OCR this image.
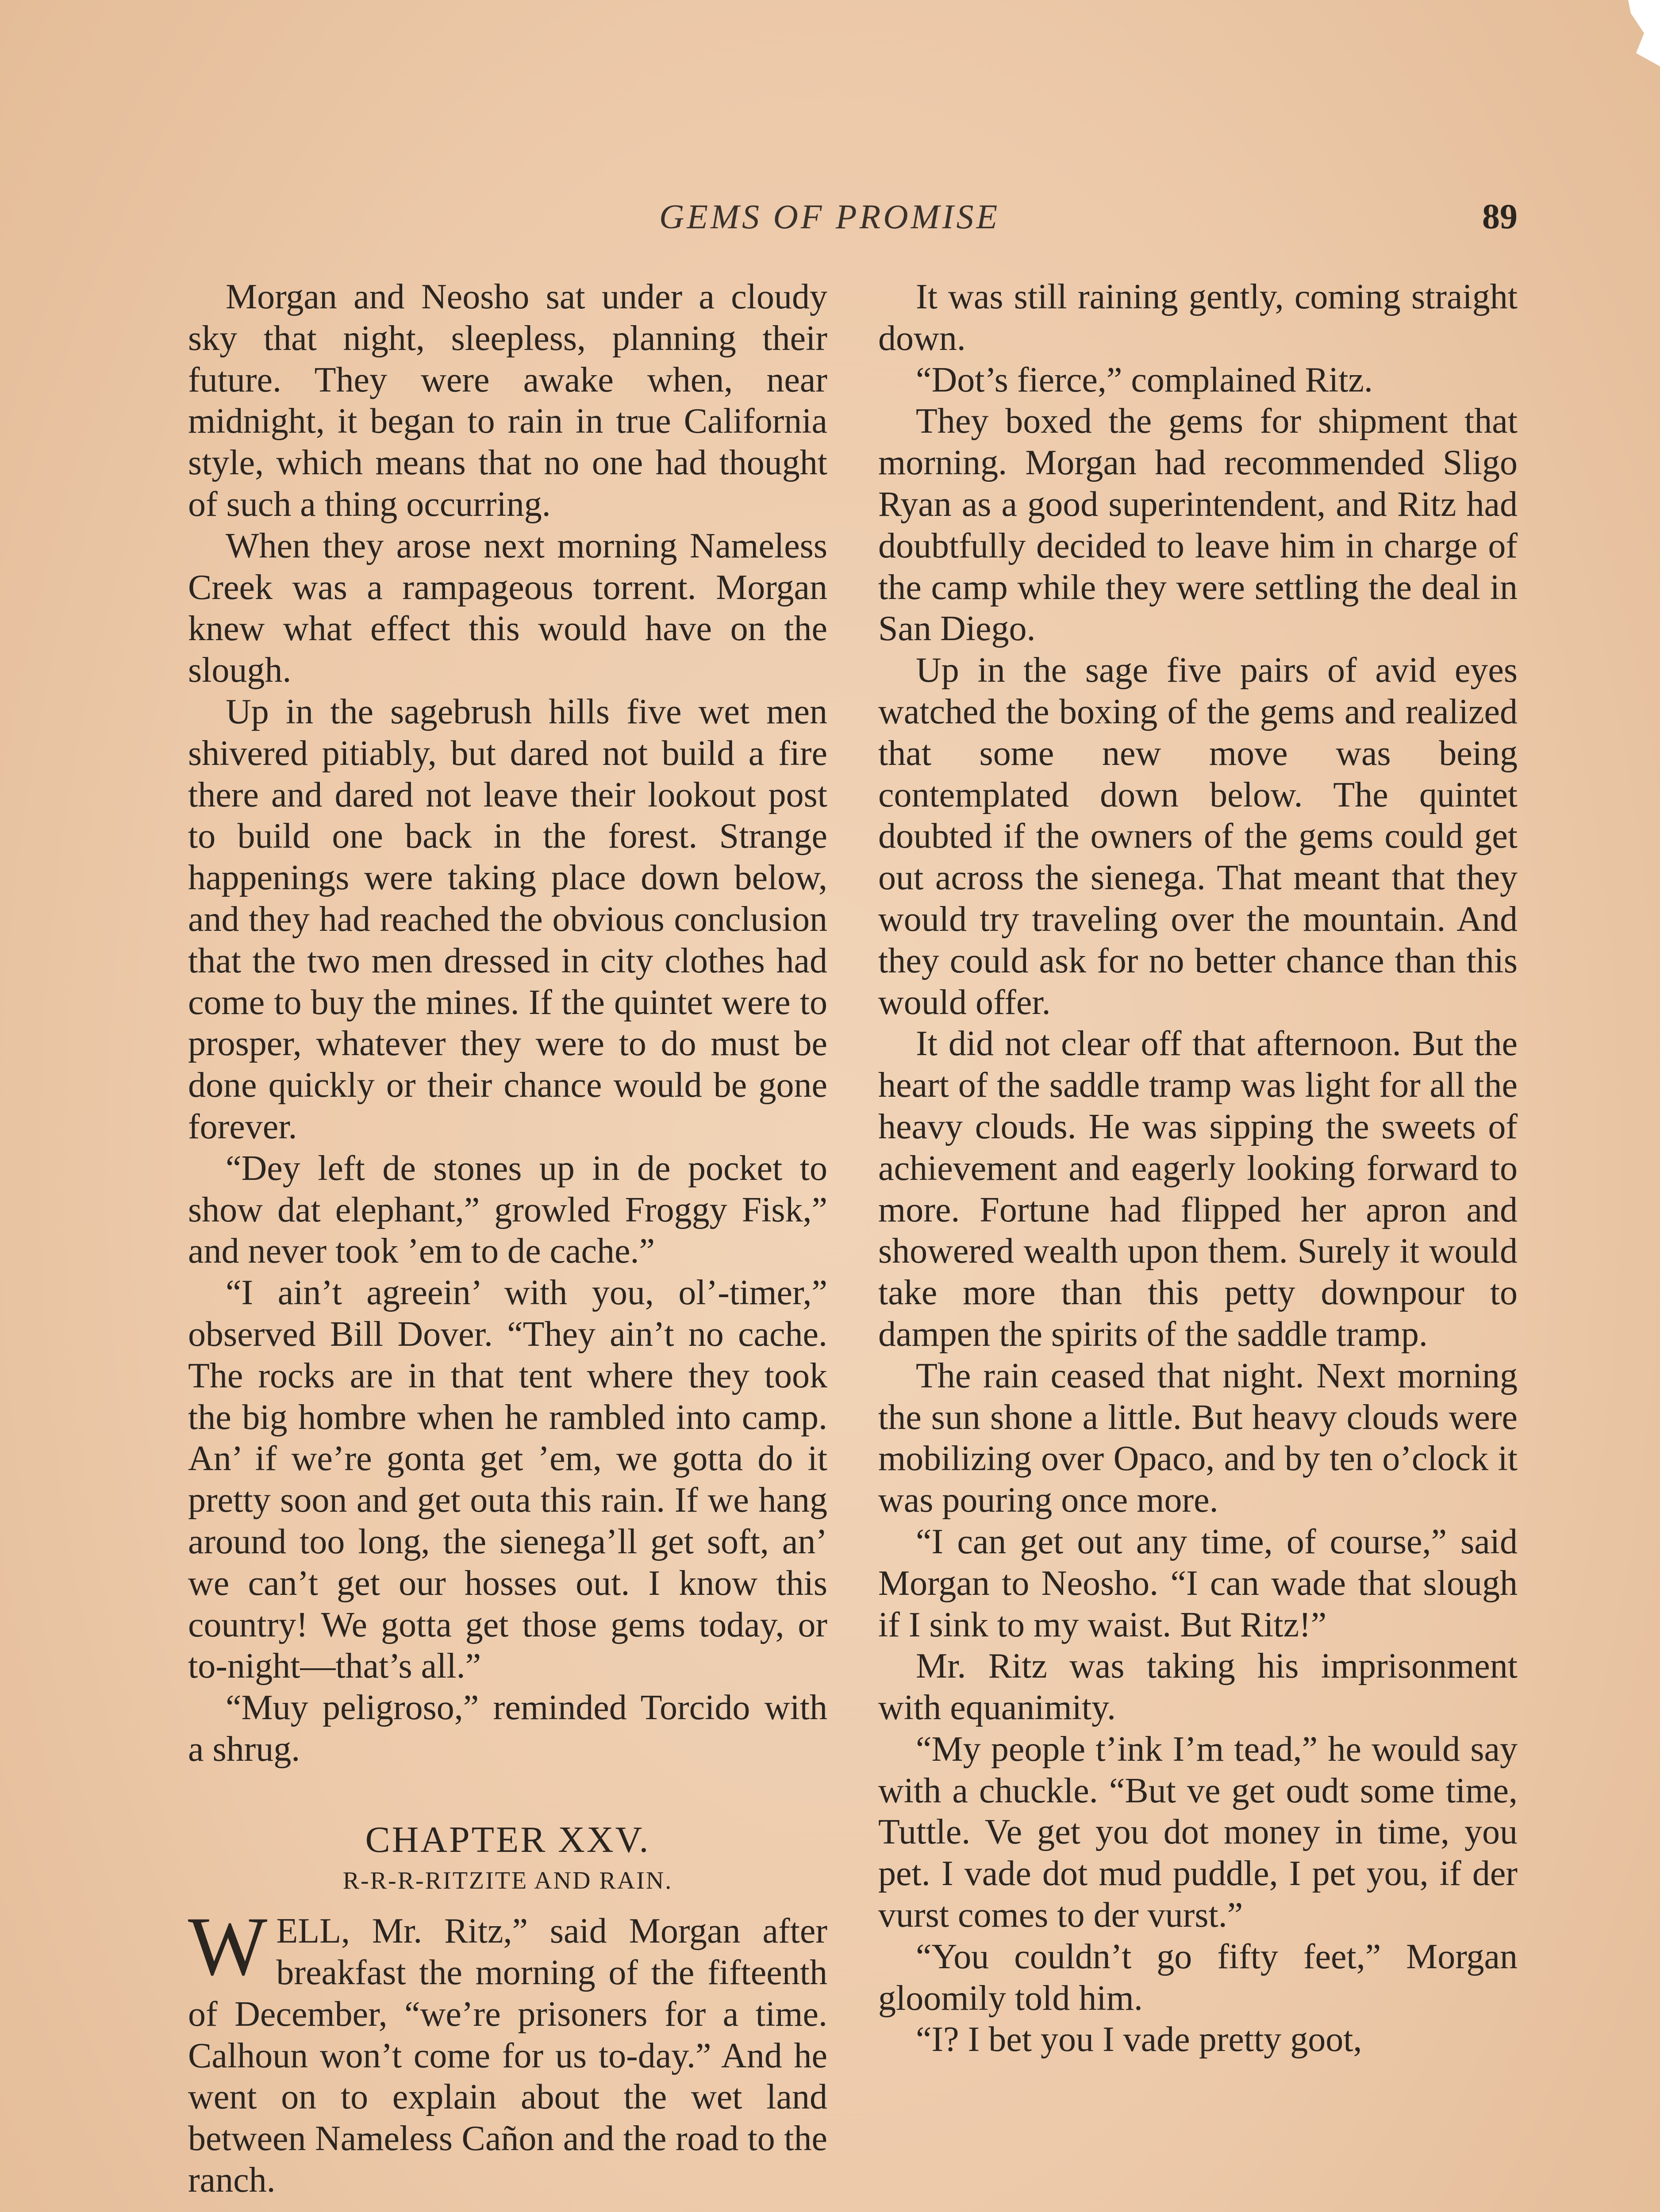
GEMS OF PROMISE	89

Morgan and Neosho sat under a cloudy sky that night, sleepless, planning their future. They were awake when, near midnight, it began to rain in true California style, which means that no one had thought of such a thing occurring.

When they arose next morning Nameless Creek was a rampageous torrent. Morgan knew what effect this would have on the slough.

Up in the sagebrush hills five wet men shivered pitiably, but dared not build a fire there and dared not leave their lookout post to build one back in the forest. Strange happenings were taking place down below, and they had reached the obvious conclusion that the two men dressed in city clothes had come to buy the mines. If the quintet were to prosper, whatever they were to do must be done quickly or their chance would be gone forever.

“Dey left de stones up in de pocket to show dat elephant,” growled Froggy Fisk,” and never took ’em to de cache.”

“I ain’t agreein’ with you, ol’-timer,” observed Bill Dover. “They ain’t no cache. The rocks are in that tent where they took the big hombre when he rambled into camp. An’ if we’re gonta get ’em, we gotta do it pretty soon and get outa this rain. If we hang around too long, the sienega’ll get soft, an’ we can’t get our hosses out. I know this country! We gotta get those gems today, or to-night—that’s all.”

“Muy peligroso,” reminded Torcido with a shrug.

CHAPTER XXV.
R-R-R-RITZITE AND RAIN.

WELL, Mr. Ritz,” said Morgan after breakfast the morning of the fifteenth of December, “we’re prisoners for a time. Calhoun won’t come for us to-day.” And he went on to explain about the wet land between Nameless Cañon and the road to the ranch.

It was still raining gently, coming straight down.

“Dot’s fierce,” complained Ritz.

They boxed the gems for shipment that morning. Morgan had recommended Sligo Ryan as a good superintendent, and Ritz had doubtfully decided to leave him in charge of the camp while they were settling the deal in San Diego.

Up in the sage five pairs of avid eyes watched the boxing of the gems and realized that some new move was being contemplated down below. The quintet doubted if the owners of the gems could get out across the sienega. That meant that they would try traveling over the mountain. And they could ask for no better chance than this would offer.

It did not clear off that afternoon. But the heart of the saddle tramp was light for all the heavy clouds. He was sipping the sweets of achievement and eagerly looking forward to more. Fortune had flipped her apron and showered wealth upon them. Surely it would take more than this petty downpour to dampen the spirits of the saddle tramp.

The rain ceased that night. Next morning the sun shone a little. But heavy clouds were mobilizing over Opaco, and by ten o’clock it was pouring once more.

“I can get out any time, of course,” said Morgan to Neosho. “I can wade that slough if I sink to my waist. But Ritz!”

Mr. Ritz was taking his imprisonment with equanimity.

“My people t’ink I’m tead,” he would say with a chuckle. “But ve get oudt some time, Tuttle. Ve get you dot money in time, you pet. I vade dot mud puddle, I pet you, if der vurst comes to der vurst.”

“You couldn’t go fifty feet,” Morgan gloomily told him.

“I? I bet you I vade pretty goot,
